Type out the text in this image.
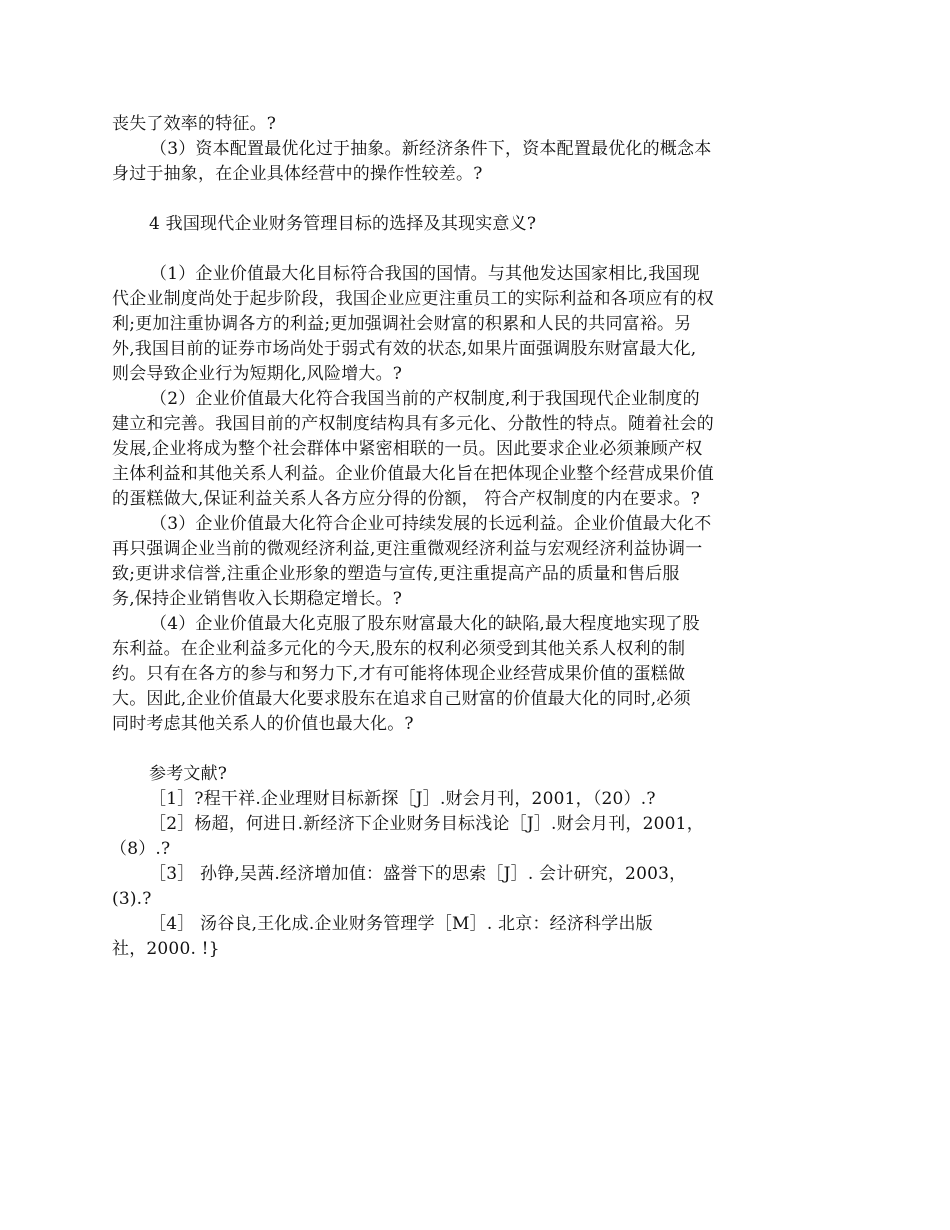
丧失了效率的特征。?
（3）资本配置最优化过于抽象。新经济条件下，资本配置最优化的概念本
身过于抽象，在企业具体经营中的操作性较差。?
4 我国现代企业财务管理目标的选择及其现实意义?
（1）企业价值最大化目标符合我国的国情。与其他发达国家相比,我国现
代企业制度尚处于起步阶段，我国企业应更注重员工的实际利益和各项应有的权
利;更加注重协调各方的利益;更加强调社会财富的积累和人民的共同富裕。另
外,我国目前的证券市场尚处于弱式有效的状态,如果片面强调股东财富最大化,
则会导致企业行为短期化,风险增大。?
（2）企业价值最大化符合我国当前的产权制度,利于我国现代企业制度的
建立和完善。我国目前的产权制度结构具有多元化、分散性的特点。随着社会的
发展,企业将成为整个社会群体中紧密相联的一员。因此要求企业必须兼顾产权
主体利益和其他关系人利益。企业价值最大化旨在把体现企业整个经营成果价值
的蛋糕做大,保证利益关系人各方应分得的份额， 符合产权制度的内在要求。?
（3）企业价值最大化符合企业可持续发展的长远利益。企业价值最大化不
再只强调企业当前的微观经济利益,更注重微观经济利益与宏观经济利益协调一
致;更讲求信誉,注重企业形象的塑造与宣传,更注重提高产品的质量和售后服
务,保持企业销售收入长期稳定增长。?
（4）企业价值最大化克服了股东财富最大化的缺陷,最大程度地实现了股
东利益。在企业利益多元化的今天,股东的权利必须受到其他关系人权利的制
约。只有在各方的参与和努力下,才有可能将体现企业经营成果价值的蛋糕做
大。因此,企业价值最大化要求股东在追求自己财富的价值最大化的同时,必须
同时考虑其他关系人的价值也最大化。?
参考文献?
［1］?程干祥.企业理财目标新探［J］.财会月刊，2001，（20）.?
［2］杨超，何进日.新经济下企业财务目标浅论［J］.财会月刊，2001，
（8）.?
［3］ 孙铮,吴茜.经济增加值：盛誉下的思索［J］. 会计研究，2003，
(3).?
［4］ 汤谷良,王化成.企业财务管理学［M］. 北京：经济科学出版
社，2000. !}
